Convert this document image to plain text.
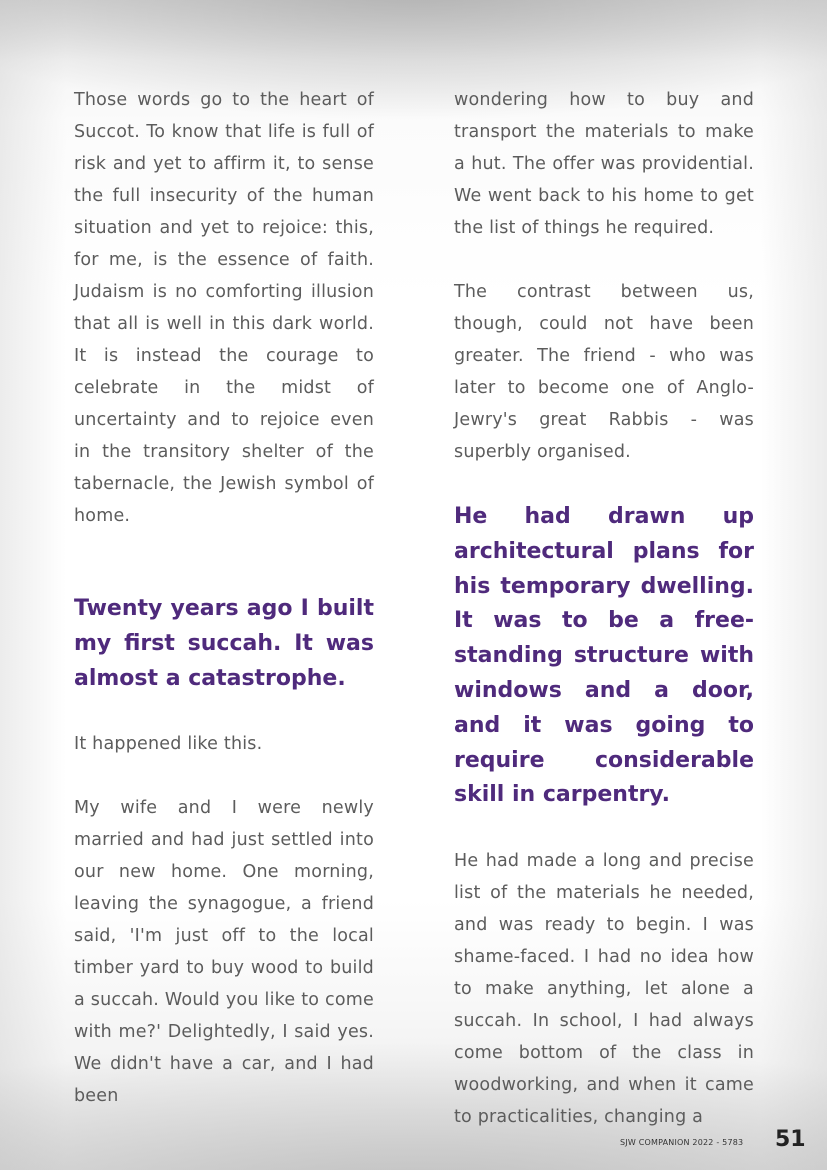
Those words go to the heart of Succot. To know that life is full of risk and yet to affirm it, to sense the full insecurity of the human situation and yet to rejoice: this, for me, is the essence of faith. Judaism is no comforting illusion that all is well in this dark world. It is instead the courage to celebrate in the midst of uncertainty and to rejoice even in the transitory shelter of the tabernacle, the Jewish symbol of home.

Twenty years ago I built my first succah. It was almost a catastrophe.

It happened like this.

My wife and I were newly married and had just settled into our new home. One morning, leaving the synagogue, a friend said, 'I'm just off to the local timber yard to buy wood to build a succah. Would you like to come with me?' Delightedly, I said yes. We didn't have a car, and I had been

wondering how to buy and transport the materials to make a hut. The offer was providential. We went back to his home to get the list of things he required.

The contrast between us, though, could not have been greater. The friend - who was later to become one of Anglo-Jewry's great Rabbis - was superbly organised.

He had drawn up architectural plans for his temporary dwelling. It was to be a free-standing structure with windows and a door, and it was going to require considerable skill in carpentry.

He had made a long and precise list of the materials he needed, and was ready to begin. I was shame-faced. I had no idea how to make anything, let alone a succah. In school, I had always come bottom of the class in woodworking, and when it came to practicalities, changing a

SJW COMPANION 2022 - 5783 51
